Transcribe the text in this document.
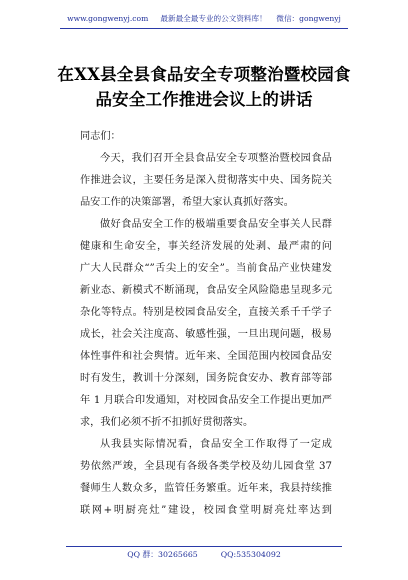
www.gongwenyj.com 最新最全最专业的公文资料库！ 微信：gongwenyj
在XX县全县食品安全专项整治暨校园食
品安全工作推进会议上的讲话
同志们：
今天，我们召开全县食品安全专项整治暨校园食品
作推进会议，主要任务是深入贯彻落实中央、国务院关
品安工作的决策部署，希望大家认真抓好落实。
做好食品安全工作的极端重要食品安全事关人民群
健康和生命安全，事关经济发展的处剥、最严肃的问
广大人民群众“”舌尖上的安全”。当前食品产业快建发
新业态、新模式不断涌现，食品安全风险隐患呈现多元
杂化等特点。特别是校园食品安全，直接关系千千学子
成长，社会关注度高、敏感性强，一旦出现问题，极易
体性事件和社会舆情。近年来、全国范围内校园食品安
时有发生，教训十分深刻，国务院食安办、教育部等部
年 1 月联合印发通知，对校园食品安全工作提出更加严
求，我们必须不折不扣抓好贯彻落实。
从我县实际情况看，食品安全工作取得了一定成
势依然严竣，全县现有各级各类学校及幼儿园食堂 37
餐师生人数众多，监管任务繁重。近年来，我县持续推
联网+明厨亮灶”建设，校园食堂明厨亮灶率达到
QQ 群：30265665	QQ:535304092
